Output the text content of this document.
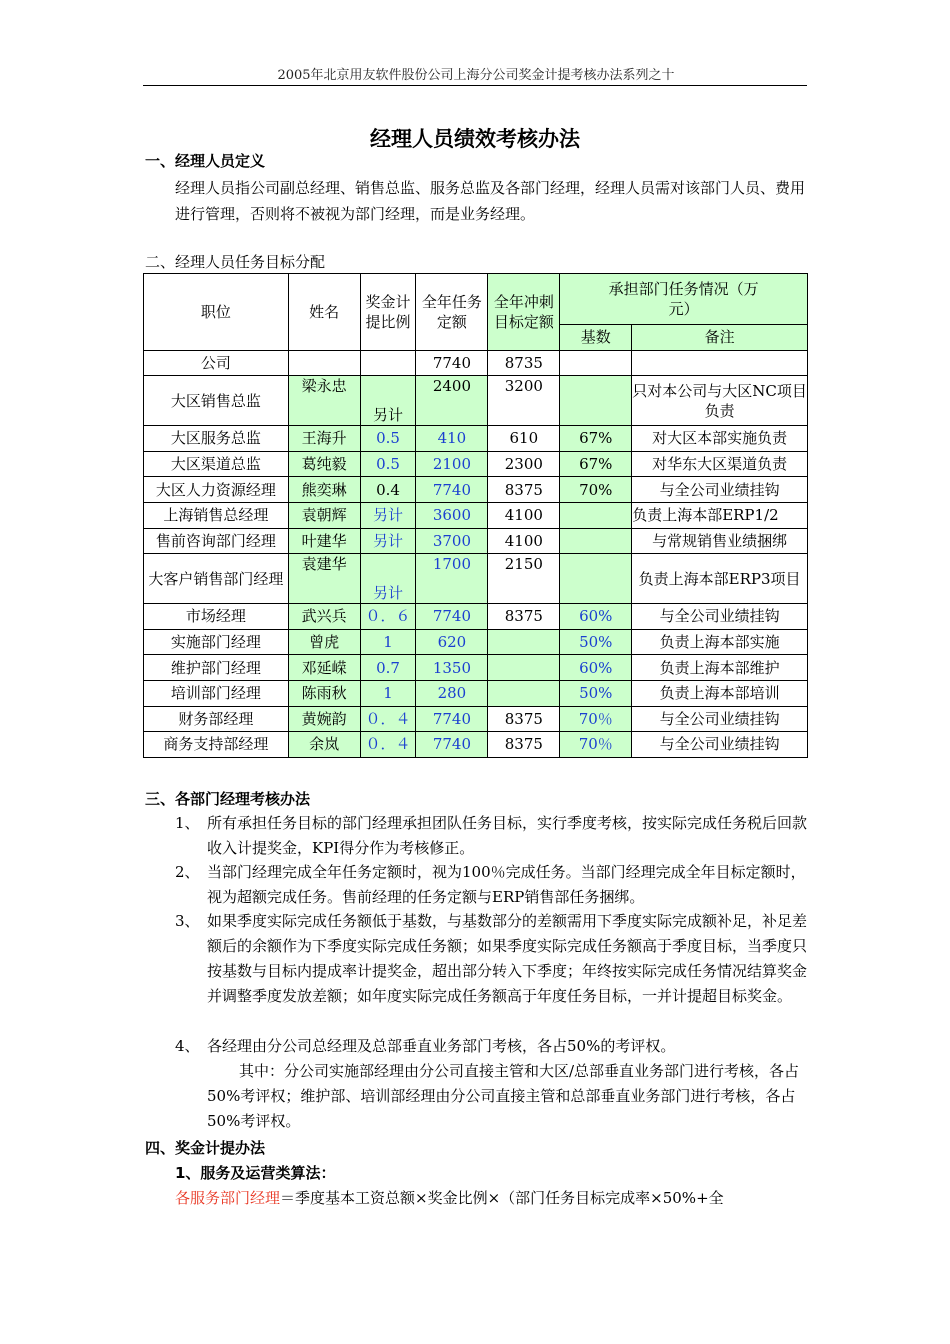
2005年北京用友软件股份公司上海分公司奖金计提考核办法系列之十
经理人员绩效考核办法
一、经理人员定义
经理人员指公司副总经理、销售总监、服务总监及各部门经理，经理人员需对该部门人员、费用进行管理，否则将不被视为部门经理，而是业务经理。
二、经理人员任务目标分配
职位	姓名	奖金计提比例	全年任务定额	全年冲刺目标定额	承担部门任务情况（万元）	
					基数	备注
公司			7740	8735		
大区销售总监	梁永忠	另计	2400	3200		只对本公司与大区NC项目负责
大区服务总监	王海升	0.5	410	610	67%	对大区本部实施负责
大区渠道总监	葛纯毅	0.5	2100	2300	67%	对华东大区渠道负责
大区人力资源经理	熊奕琳	0.4	7740	8375	70%	与全公司业绩挂钩
上海销售总经理	袁朝辉	另计	3600	4100		负责上海本部ERP1/2
售前咨询部门经理	叶建华	另计	3700	4100		与常规销售业绩捆绑
大客户销售部门经理	袁建华	另计	1700	2150		负责上海本部ERP3项目
市场经理	武兴兵	０．６	7740	8375	60%	与全公司业绩挂钩
实施部门经理	曾虎	1	620		50%	负责上海本部实施
维护部门经理	邓延嵘	0.7	1350		60%	负责上海本部维护
培训部门经理	陈雨秋	1	280		50%	负责上海本部培训
财务部经理	黄婉韵	０．４	7740	8375	70％	与全公司业绩挂钩
商务支持部经理	余岚	０．４	7740	8375	70％	与全公司业绩挂钩
三、各部门经理考核办法
1、 所有承担任务目标的部门经理承担团队任务目标，实行季度考核，按实际完成任务税后回款收入计提奖金，KPI得分作为考核修正。
2、 当部门经理完成全年任务定额时，视为100％完成任务。当部门经理完成全年目标定额时，视为超额完成任务。售前经理的任务定额与ERP销售部任务捆绑。
3、 如果季度实际完成任务额低于基数，与基数部分的差额需用下季度实际完成额补足，补足差额后的余额作为下季度实际完成任务额；如果季度实际完成任务额高于季度目标，当季度只按基数与目标内提成率计提奖金，超出部分转入下季度；年终按实际完成任务情况结算奖金并调整季度发放差额；如年度实际完成任务额高于年度任务目标，一并计提超目标奖金。
4、 各经理由分公司总经理及总部垂直业务部门考核，各占50%的考评权。
其中：分公司实施部经理由分公司直接主管和大区/总部垂直业务部门进行考核，各占50%考评权；维护部、培训部经理由分公司直接主管和总部垂直业务部门进行考核，各占50%考评权。
四、奖金计提办法
1、服务及运营类算法：
各服务部门经理＝季度基本工资总额×奖金比例×（部门任务目标完成率×50%+全
